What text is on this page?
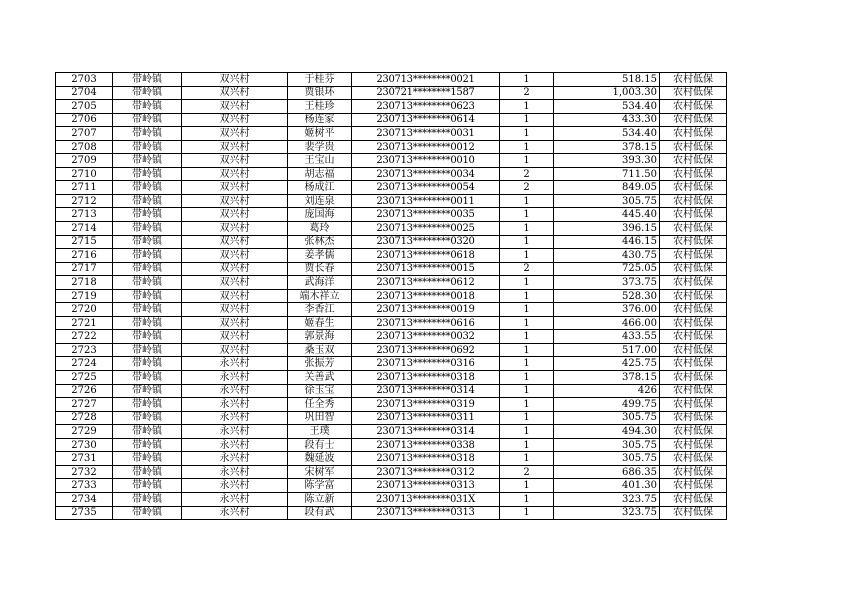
2703	带岭镇	双兴村	于桂芬	230713********0021	1	518.15	农村低保
2704	带岭镇	双兴村	贾银环	230721********1587	2	1,003.30	农村低保
2705	带岭镇	双兴村	王桂珍	230713********0623	1	534.40	农村低保
2706	带岭镇	双兴村	杨连家	230713********0614	1	433.30	农村低保
2707	带岭镇	双兴村	姬树平	230713********0031	1	534.40	农村低保
2708	带岭镇	双兴村	裴学贵	230713********0012	1	378.15	农村低保
2709	带岭镇	双兴村	王宝山	230713********0010	1	393.30	农村低保
2710	带岭镇	双兴村	胡志福	230713********0034	2	711.50	农村低保
2711	带岭镇	双兴村	杨成江	230713********0054	2	849.05	农村低保
2712	带岭镇	双兴村	刘连泉	230713********0011	1	305.75	农村低保
2713	带岭镇	双兴村	庞国海	230713********0035	1	445.40	农村低保
2714	带岭镇	双兴村	葛玲	230713********0025	1	396.15	农村低保
2715	带岭镇	双兴村	张林杰	230713********0320	1	446.15	农村低保
2716	带岭镇	双兴村	姜孝儒	230713********0618	1	430.75	农村低保
2717	带岭镇	双兴村	贾长春	230713********0015	2	725.05	农村低保
2718	带岭镇	双兴村	武海洋	230713********0612	1	373.75	农村低保
2719	带岭镇	双兴村	端木祥立	230713********0018	1	528.30	农村低保
2720	带岭镇	双兴村	李香江	230713********0019	1	376.00	农村低保
2721	带岭镇	双兴村	姬春生	230713********0616	1	466.00	农村低保
2722	带岭镇	双兴村	郭景海	230713********0032	1	433.55	农村低保
2723	带岭镇	双兴村	桑玉双	230713********0692	1	517.00	农村低保
2724	带岭镇	永兴村	张振芳	230713********0316	1	425.75	农村低保
2725	带岭镇	永兴村	关善武	230713********0318	1	378.15	农村低保
2726	带岭镇	永兴村	徐玉宝	230713********0314	1	426	农村低保
2727	带岭镇	永兴村	任全秀	230713********0319	1	499.75	农村低保
2728	带岭镇	永兴村	巩田智	230713********0311	1	305.75	农村低保
2729	带岭镇	永兴村	王璞	230713********0314	1	494.30	农村低保
2730	带岭镇	永兴村	段有士	230713********0338	1	305.75	农村低保
2731	带岭镇	永兴村	魏延波	230713********0318	1	305.75	农村低保
2732	带岭镇	永兴村	宋树军	230713********0312	2	686.35	农村低保
2733	带岭镇	永兴村	陈学富	230713********0313	1	401.30	农村低保
2734	带岭镇	永兴村	陈立新	230713********031X	1	323.75	农村低保
2735	带岭镇	永兴村	段有武	230713********0313	1	323.75	农村低保
